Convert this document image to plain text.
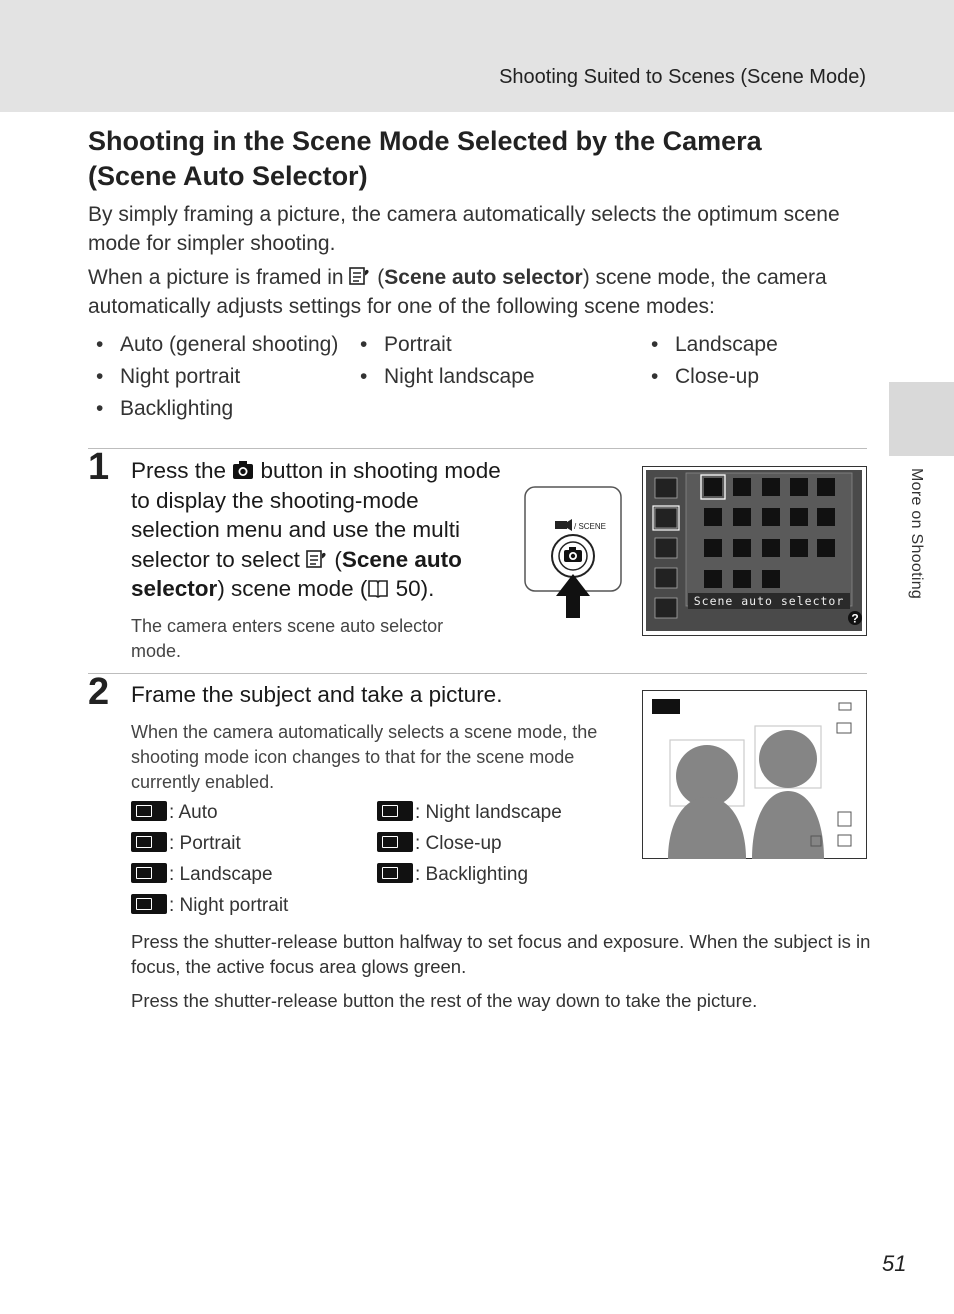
Shooting Suited to Scenes (Scene Mode)
More on Shooting
Shooting in the Scene Mode Selected by the Camera
(Scene Auto Selector)

By simply framing a picture, the camera automatically selects the optimum scene mode for simpler shooting.

When a picture is framed in  (Scene auto selector) scene mode, the camera automatically adjusts settings for one of the following scene modes:

• Auto (general shooting) • Portrait	• Landscape
• Night portrait	• Night landscape	• Close-up
• Backlighting
1 Press the  button in shooting mode to display the shooting-mode selection menu and use the multi selector to select  (Scene auto selector) scene mode ( 50).
The camera enters scene auto selector mode.
/ SCENE
Scene auto selector
?
2 Frame the subject and take a picture.
When the camera automatically selects a scene mode, the shooting mode icon changes to that for the scene mode currently enabled.
: Auto	: Night landscape
: Portrait	: Close-up
: Landscape	: Backlighting
: Night portrait
Press the shutter-release button halfway to set focus and exposure. When the subject is in focus, the active focus area glows green.
Press the shutter-release button the rest of the way down to take the picture.
51
